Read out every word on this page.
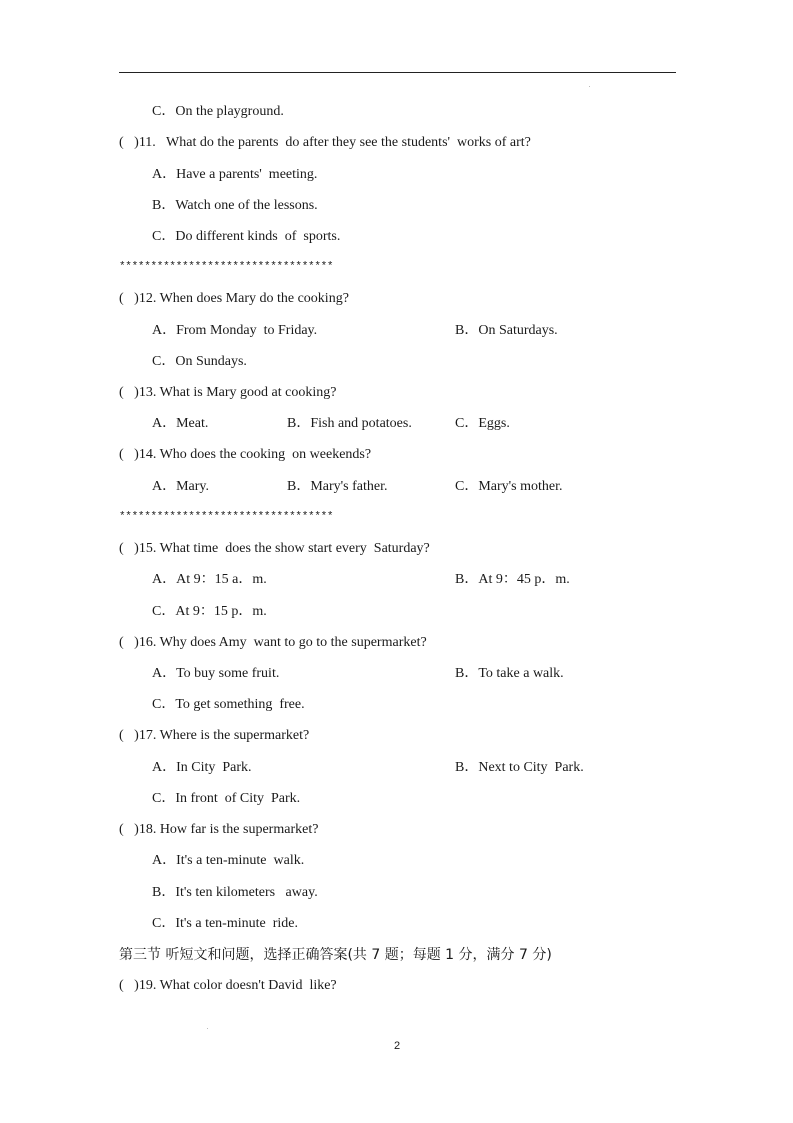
C．On the playground.
(   )11.   What do the parents  do after they see the students'  works of art?
A．Have a parents'  meeting.
B．Watch one of the lessons.
C．Do different kinds  of  sports.
**********************************
(   )12. When does Mary do the cooking?
A．From Monday  to Friday.	B．On Saturdays.
C．On Sundays.
(   )13. What is Mary good at cooking?
A．Meat.	B．Fish and potatoes.	C．Eggs.
(   )14. Who does the cooking  on weekends?
A．Mary.	B．Mary's father.	C．Mary's mother.
**********************************
(   )15. What time  does the show start every  Saturday?
A．At 9：15 a．m.	B．At 9：45 p．m.
C．At 9：15 p．m.
(   )16. Why does Amy  want to go to the supermarket?
A．To buy some fruit.	B．To take a walk.
C．To get something  free.
(   )17. Where is the supermarket?
A．In City  Park.	B．Next to City  Park.
C．In front  of City  Park.
(   )18. How far is the supermarket?
A．It's a ten-minute  walk.
B．It's ten kilometers   away.
C．It's a ten-minute  ride.
第三节 听短文和问题，选择正确答案(共 7 题；每题 1 分，满分 7 分)
(   )19. What color doesn't David  like?
2
